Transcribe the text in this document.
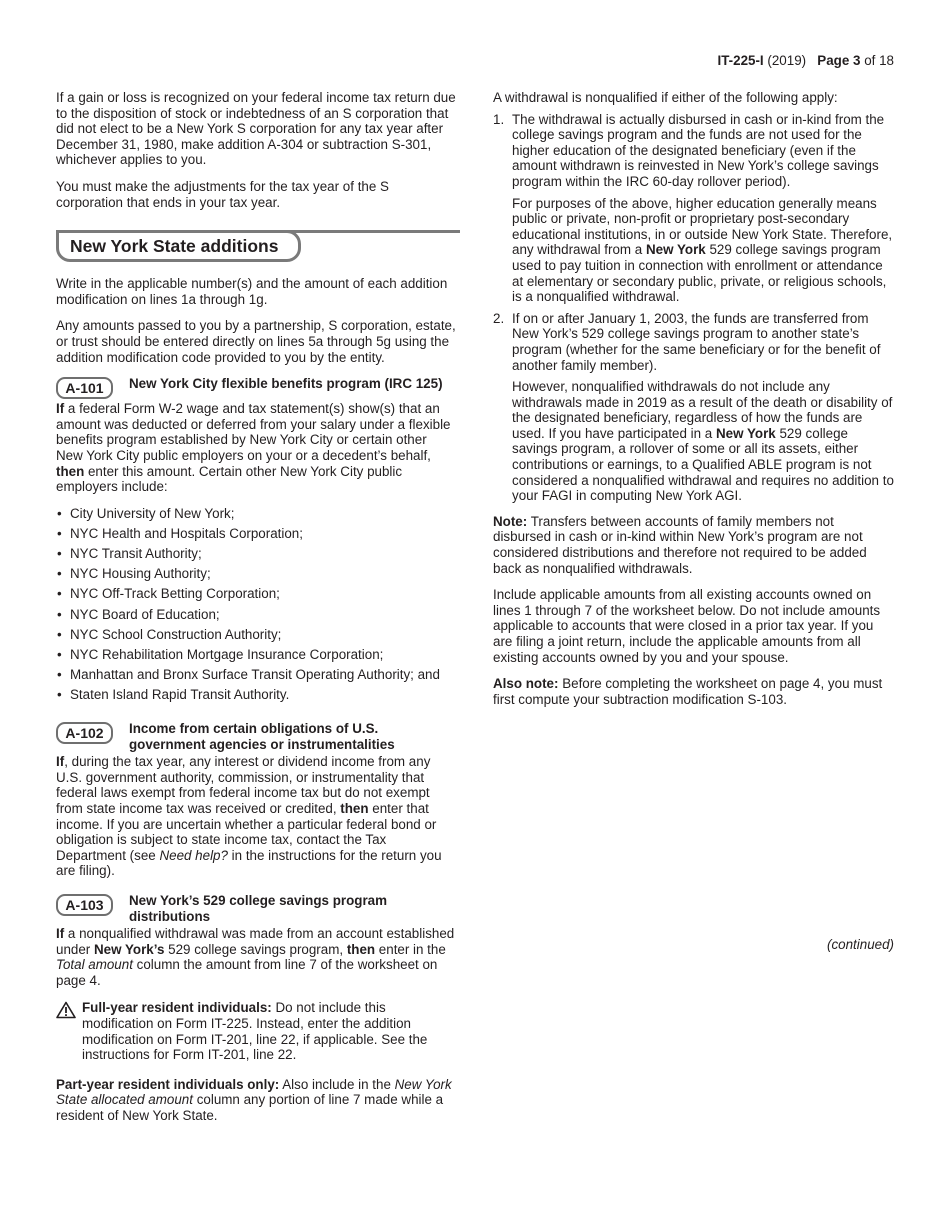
IT-225-I (2019) Page 3 of 18

If a gain or loss is recognized on your federal income tax return due to the disposition of stock or indebtedness of an S corporation that did not elect to be a New York S corporation for any tax year after December 31, 1980, make addition A-304 or subtraction S-301, whichever applies to you.

You must make the adjustments for the tax year of the S corporation that ends in your tax year.

New York State additions

Write in the applicable number(s) and the amount of each addition modification on lines 1a through 1g.

Any amounts passed to you by a partnership, S corporation, estate, or trust should be entered directly on lines 5a through 5g using the addition modification code provided to you by the entity.

A-101	New York City flexible benefits program (IRC 125)

If a federal Form W-2 wage and tax statement(s) show(s) that an amount was deducted or deferred from your salary under a flexible benefits program established by New York City or certain other New York City public employers on your or a decedent’s behalf, then enter this amount. Certain other New York City public employers include:

• City University of New York;
• NYC Health and Hospitals Corporation;
• NYC Transit Authority;
• NYC Housing Authority;
• NYC Off-Track Betting Corporation;
• NYC Board of Education;
• NYC School Construction Authority;
• NYC Rehabilitation Mortgage Insurance Corporation;
• Manhattan and Bronx Surface Transit Operating Authority; and
• Staten Island Rapid Transit Authority.
A-102	Income from certain obligations of U.S. government agencies or instrumentalities

If, during the tax year, any interest or dividend income from any U.S. government authority, commission, or instrumentality that federal laws exempt from federal income tax but do not exempt from state income tax was received or credited, then enter that income. If you are uncertain whether a particular federal bond or obligation is subject to state income tax, contact the Tax Department (see Need help? in the instructions for the return you are filing).

A-103	New York’s 529 college savings program distributions

If a nonqualified withdrawal was made from an account established under New York’s 529 college savings program, then enter in the Total amount column the amount from line 7 of the worksheet on page 4.

Full-year resident individuals: Do not include this modification on Form IT-225. Instead, enter the addition modification on Form IT-201, line 22, if applicable. See the instructions for Form IT-201, line 22.

Part-year resident individuals only: Also include in the New York State allocated amount column any portion of line 7 made while a resident of New York State.

A withdrawal is nonqualified if either of the following apply:

1. The withdrawal is actually disbursed in cash or in-kind from the college savings program and the funds are not used for the higher education of the designated beneficiary (even if the amount withdrawn is reinvested in New York’s college savings program within the IRC 60-day rollover period).

For purposes of the above, higher education generally means public or private, non-profit or proprietary post-secondary educational institutions, in or outside New York State. Therefore, any withdrawal from a New York 529 college savings program used to pay tuition in connection with enrollment or attendance at elementary or secondary public, private, or religious schools, is a nonqualified withdrawal.

2. If on or after January 1, 2003, the funds are transferred from New York’s 529 college savings program to another state’s program (whether for the same beneficiary or for the benefit of another family member).

However, nonqualified withdrawals do not include any withdrawals made in 2019 as a result of the death or disability of the designated beneficiary, regardless of how the funds are used. If you have participated in a New York 529 college savings program, a rollover of some or all its assets, either contributions or earnings, to a Qualified ABLE program is not considered a nonqualified withdrawal and requires no addition to your FAGI in computing New York AGI.

Note: Transfers between accounts of family members not disbursed in cash or in-kind within New York’s program are not considered distributions and therefore not required to be added back as nonqualified withdrawals.

Include applicable amounts from all existing accounts owned on lines 1 through 7 of the worksheet below. Do not include amounts applicable to accounts that were closed in a prior tax year. If you are filing a joint return, include the applicable amounts from all existing accounts owned by you and your spouse.

Also note: Before completing the worksheet on page 4, you must first compute your subtraction modification S-103.

(continued)
